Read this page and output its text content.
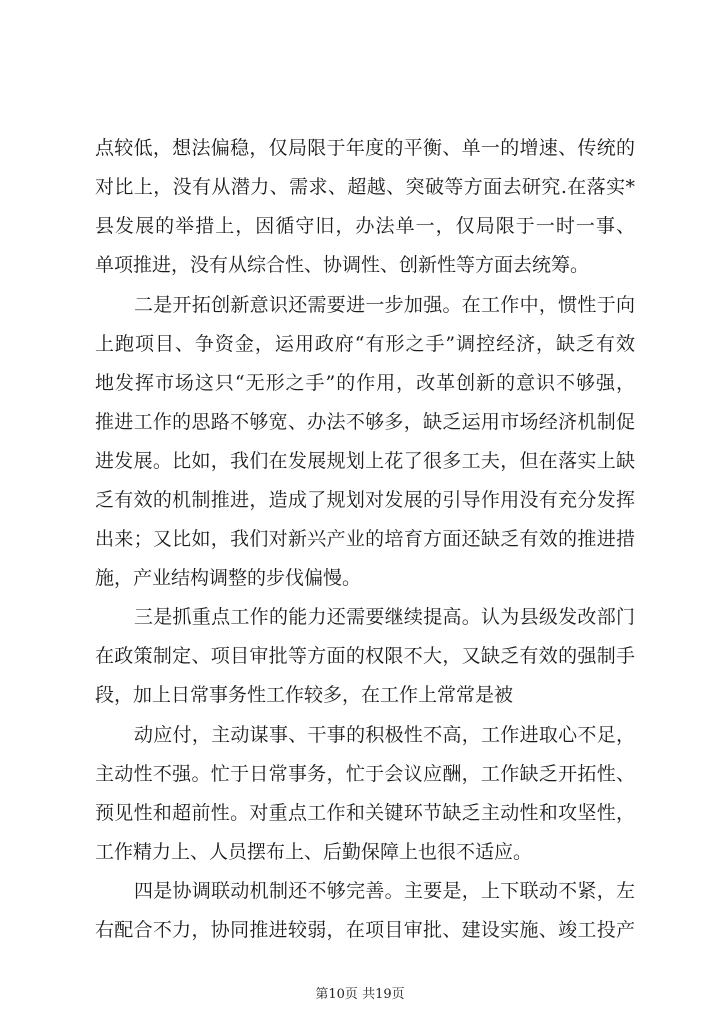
点较低，想法偏稳，仅局限于年度的平衡、单一的增速、传统的
对比上，没有从潜力、需求、超越、突破等方面去研究.在落实*
县发展的举措上，因循守旧，办法单一，仅局限于一时一事、
单项推进，没有从综合性、协调性、创新性等方面去统筹。
二是开拓创新意识还需要进一步加强。在工作中，惯性于向
上跑项目、争资金，运用政府“有形之手”调控经济，缺乏有效
地发挥市场这只“无形之手”的作用，改革创新的意识不够强，
推进工作的思路不够宽、办法不够多，缺乏运用市场经济机制促
进发展。比如，我们在发展规划上花了很多工夫，但在落实上缺
乏有效的机制推进，造成了规划对发展的引导作用没有充分发挥
出来；又比如，我们对新兴产业的培育方面还缺乏有效的推进措
施，产业结构调整的步伐偏慢。
三是抓重点工作的能力还需要继续提高。认为县级发改部门
在政策制定、项目审批等方面的权限不大，又缺乏有效的强制手
段，加上日常事务性工作较多，在工作上常常是被
动应付，主动谋事、干事的积极性不高，工作进取心不足，
主动性不强。忙于日常事务，忙于会议应酬，工作缺乏开拓性、
预见性和超前性。对重点工作和关键环节缺乏主动性和攻坚性，
工作精力上、人员摆布上、后勤保障上也很不适应。
四是协调联动机制还不够完善。主要是，上下联动不紧，左
右配合不力，协同推进较弱，在项目审批、建设实施、竣工投产
第10页 共19页
